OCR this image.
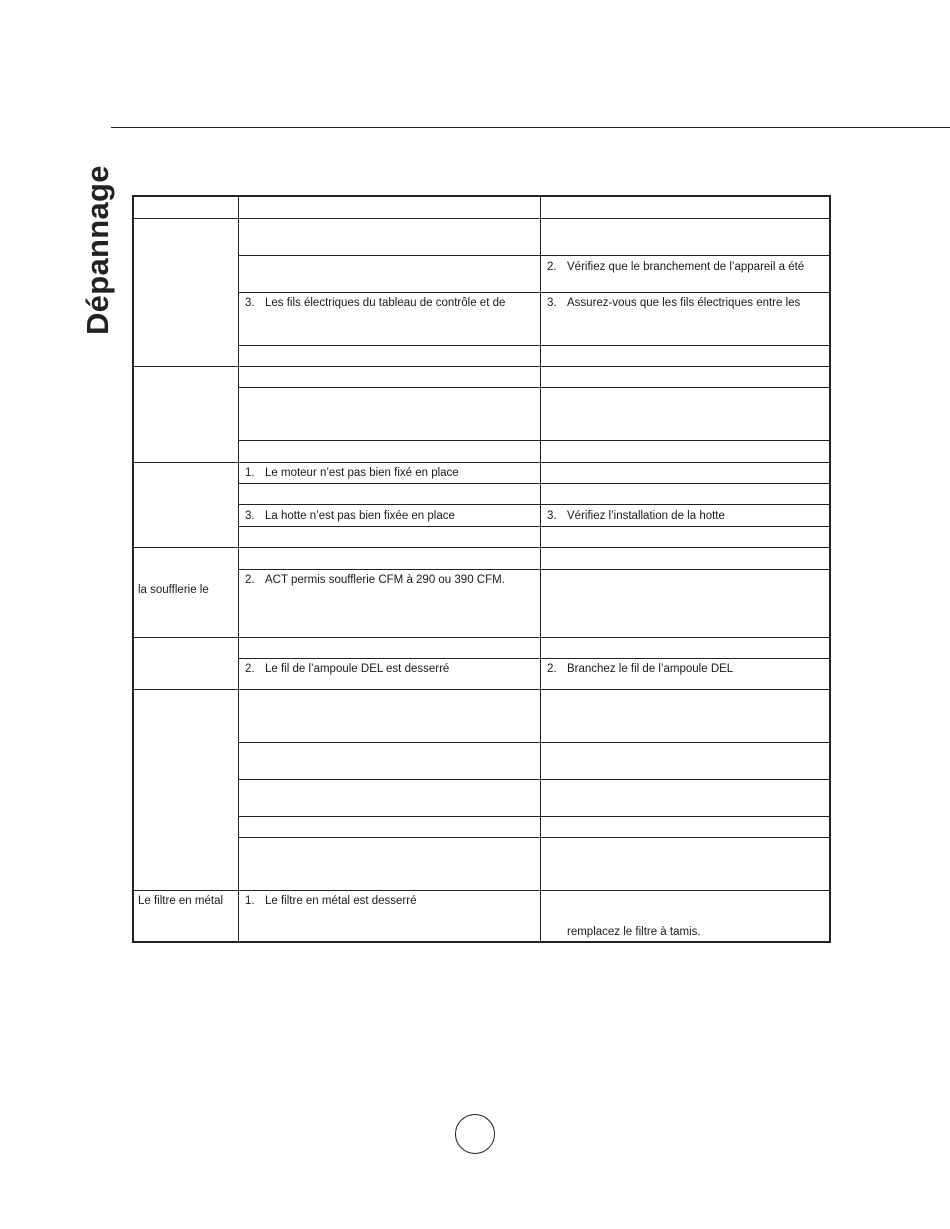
Dépannage
la soufflerie le
Le filtre en métal
3. Les fils électriques du tableau de contrôle et de
1. Le moteur n’est pas bien fixé en place
3. La hotte n’est pas bien fixée en place
2. ACT permis soufflerie CFM à 290 ou 390 CFM.
2. Le fil de l’ampoule DEL est desserré
1. Le filtre en métal est desserré
2. Vérifiez que le branchement de l’appareil a été
3. Assurez-vous que les fils électriques entre les
3. Vérifiez l’installation de la hotte
2. Branchez le fil de l’ampoule DEL
remplacez le filtre à tamis.
